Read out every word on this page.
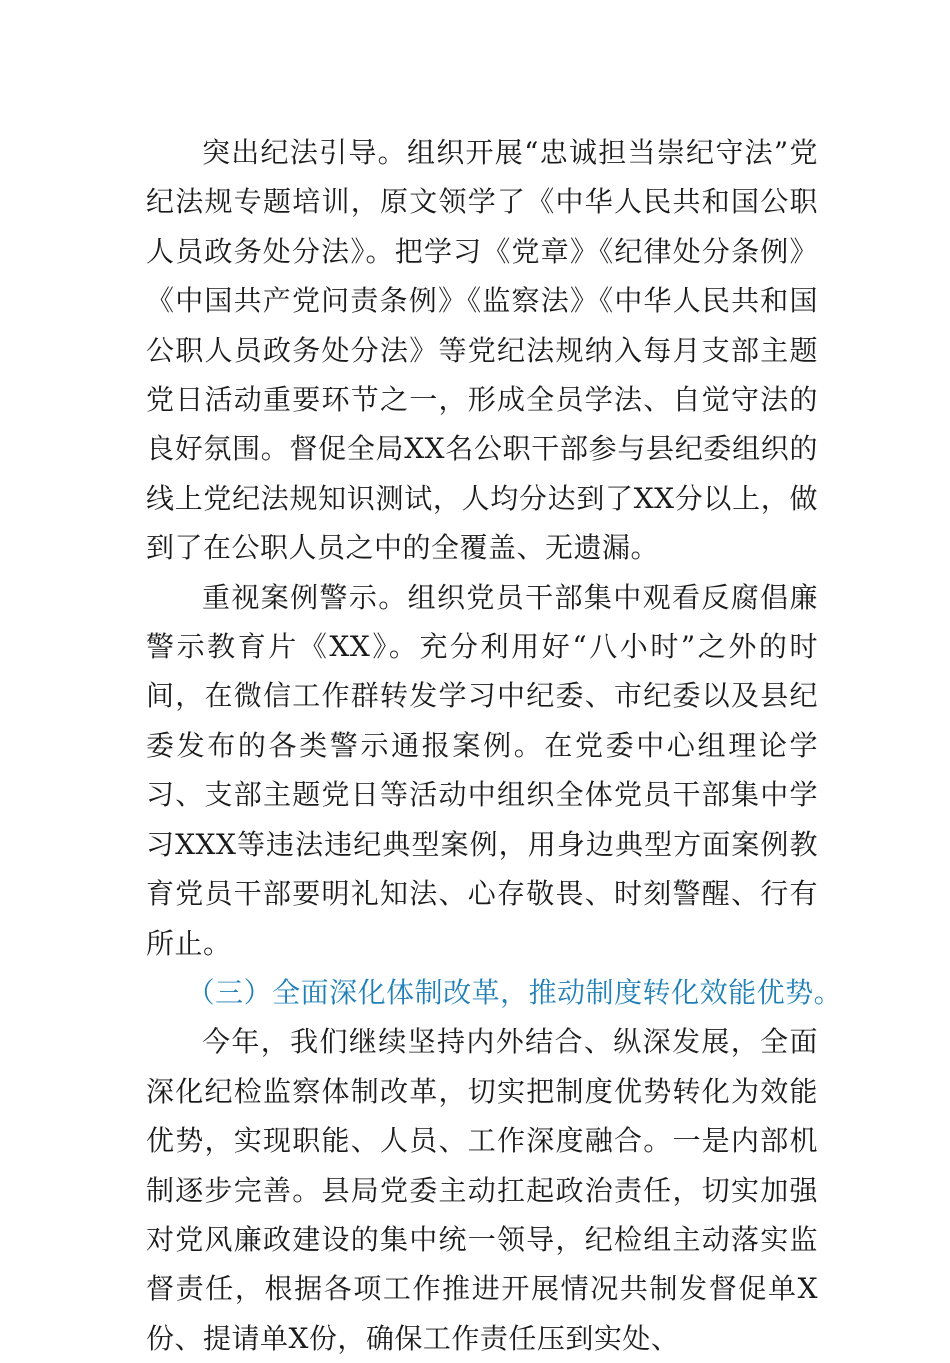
突出纪法引导。组织开展“忠诚担当崇纪守法”党纪法规专题培训，原文领学了《中华人民共和国公职人员政务处分法》。把学习《党章》《纪律处分条例》《中国共产党问责条例》《监察法》《中华人民共和国公职人员政务处分法》等党纪法规纳入每月支部主题党日活动重要环节之一，形成全员学法、自觉守法的良好氛围。督促全局XX名公职干部参与县纪委组织的线上党纪法规知识测试，人均分达到了XX分以上，做到了在公职人员之中的全覆盖、无遗漏。

重视案例警示。组织党员干部集中观看反腐倡廉警示教育片《XX》。充分利用好“八小时”之外的时间，在微信工作群转发学习中纪委、市纪委以及县纪委发布的各类警示通报案例。在党委中心组理论学习、支部主题党日等活动中组织全体党员干部集中学习XXX等违法违纪典型案例，用身边典型方面案例教育党员干部要明礼知法、心存敬畏、时刻警醒、行有所止。

（三）全面深化体制改革，推动制度转化效能优势。

今年，我们继续坚持内外结合、纵深发展，全面深化纪检监察体制改革，切实把制度优势转化为效能优势，实现职能、人员、工作深度融合。一是内部机制逐步完善。县局党委主动扛起政治责任，切实加强对党风廉政建设的集中统一领导，纪检组主动落实监督责任，根据各项工作推进开展情况共制发督促单X份、提请单X份，确保工作责任压到实处、
